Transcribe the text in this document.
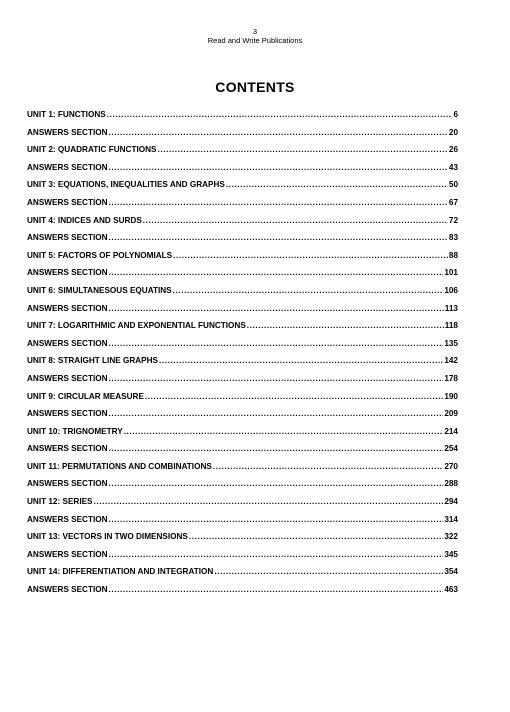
3
Read and Write Publications
CONTENTS
UNIT 1: FUNCTIONS .....	6
ANSWERS SECTION .....	20
UNIT 2: QUADRATIC FUNCTIONS .....	26
ANSWERS SECTION .....	43
UNIT 3: EQUATIONS, INEQUALITIES AND GRAPHS .....	50
ANSWERS SECTION .....	67
UNIT 4: INDICES AND SURDS .....	72
ANSWERS SECTION .....	83
UNIT 5: FACTORS OF POLYNOMIALS .....	88
ANSWERS SECTION .....	101
UNIT 6: SIMULTANESOUS EQUATINS .....	106
ANSWERS SECTION .....	113
UNIT 7: LOGARITHMIC AND EXPONENTIAL FUNCTIONS .....	118
ANSWERS SECTION .....	135
UNIT 8: STRAIGHT LINE GRAPHS .....	142
ANSWERS SECTION .....	178
UNIT 9: CIRCULAR MEASURE .....	190
ANSWERS SECTION .....	209
UNIT 10: TRIGNOMETRY .....	214
ANSWERS SECTION .....	254
UNIT 11: PERMUTATIONS AND COMBINATIONS .....	270
ANSWERS SECTION .....	288
UNIT 12: SERIES .....	294
ANSWERS SECTION .....	314
UNIT 13: VECTORS IN TWO DIMENSIONS .....	322
ANSWERS SECTION .....	345
UNIT 14: DIFFERENTIATION AND INTEGRATION .....	354
ANSWERS SECTION .....	463
